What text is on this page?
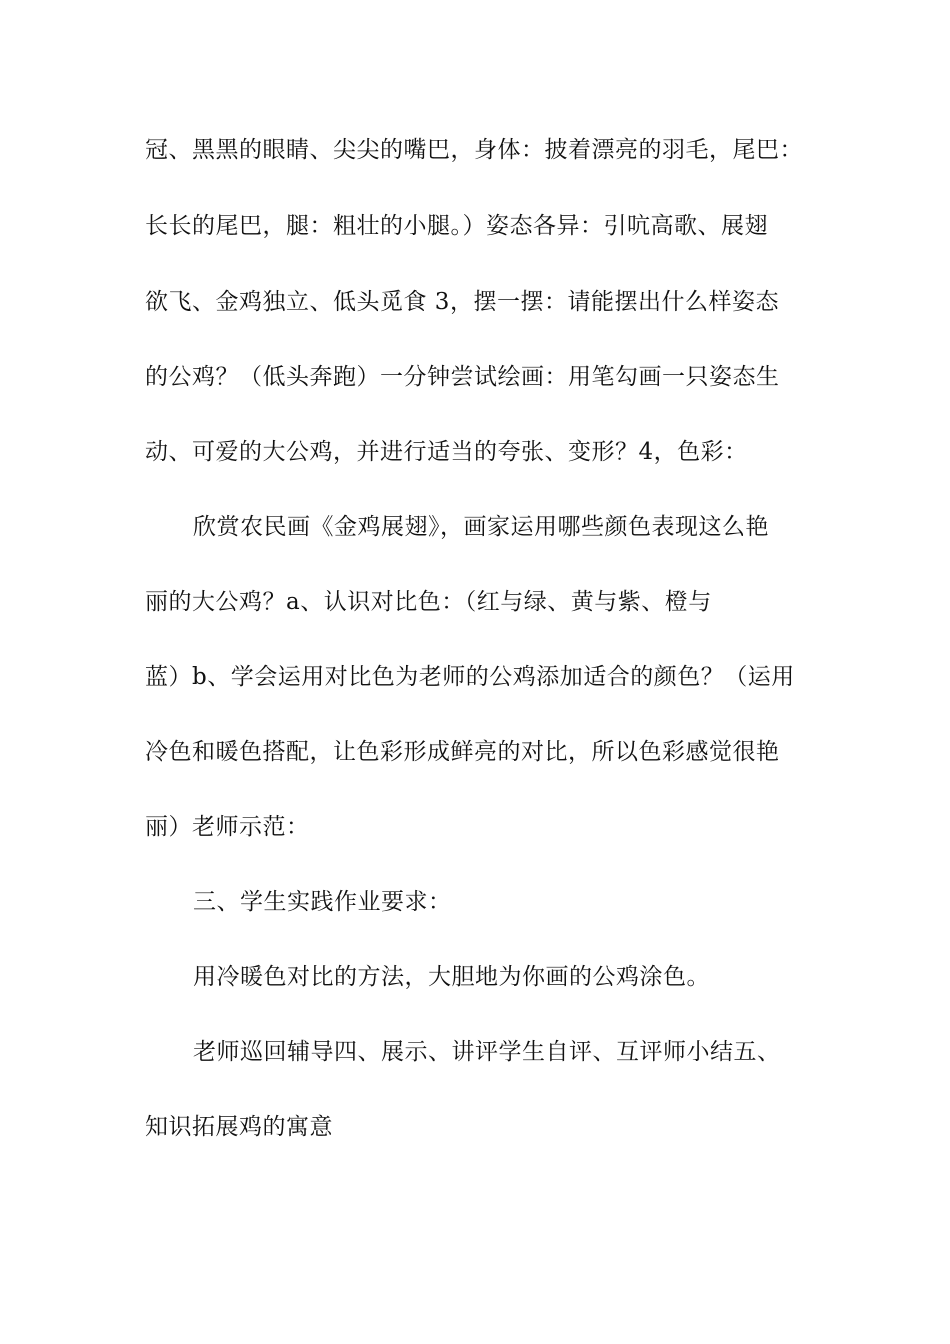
冠、黑黑的眼睛、尖尖的嘴巴，身体：披着漂亮的羽毛，尾巴：
长长的尾巴，腿：粗壮的小腿。）姿态各异：引吭高歌、展翅
欲飞、金鸡独立、低头觅食 3，摆一摆：请能摆出什么样姿态
的公鸡？（低头奔跑）一分钟尝试绘画：用笔勾画一只姿态生
动、可爱的大公鸡，并进行适当的夸张、变形？4，色彩：
欣赏农民画《金鸡展翅》，画家运用哪些颜色表现这么艳
丽的大公鸡？a、认识对比色：（红与绿、黄与紫、橙与
蓝）b、学会运用对比色为老师的公鸡添加适合的颜色？（运用
冷色和暖色搭配，让色彩形成鲜亮的对比，所以色彩感觉很艳
丽）老师示范：
三、学生实践作业要求：
用冷暖色对比的方法，大胆地为你画的公鸡涂色。
老师巡回辅导四、展示、讲评学生自评、互评师小结五、
知识拓展鸡的寓意
